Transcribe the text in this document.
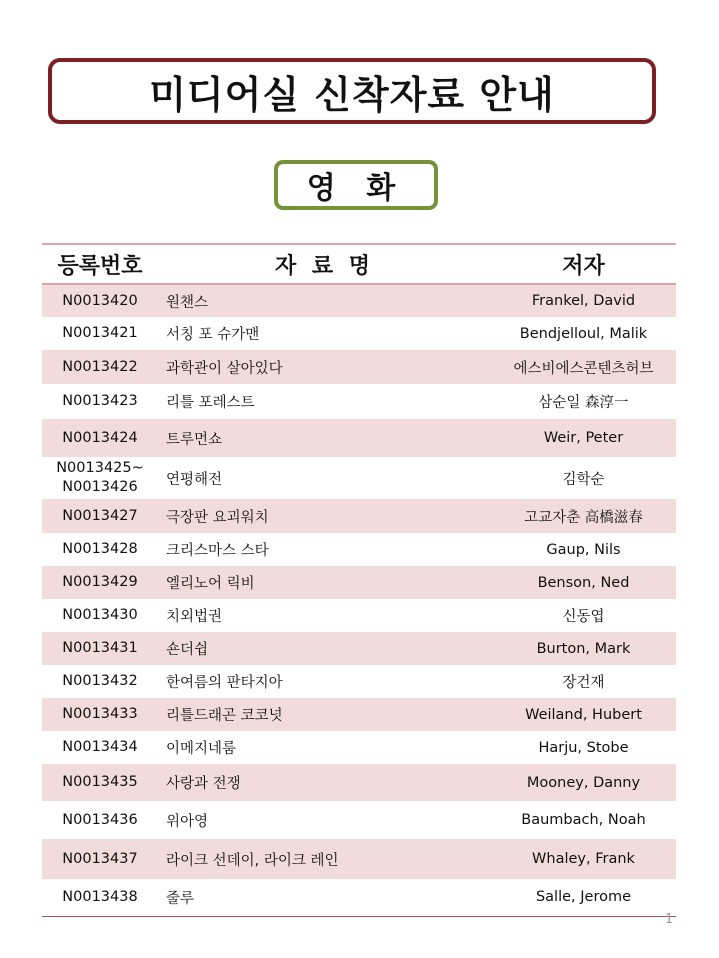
미디어실 신착자료 안내
영 화
등록번호	자 료 명	저자
N0013420	원챈스	Frankel, David
N0013421	서칭 포 슈가맨	Bendjelloul, Malik
N0013422	과학관이 살아있다	에스비에스콘텐츠허브
N0013423	리틀 포레스트	삼순일 森淳一
N0013424	트루먼쇼	Weir, Peter

N0013425~
N0013426	연평해전	김학순
N0013427	극장판 요괴워치	고교자춘 高橋滋春
N0013428	크리스마스 스타	Gaup, Nils
N0013429	엘리노어 릭비	Benson, Ned
N0013430	치외법권	신동엽
N0013431	숀더쉽	Burton, Mark
N0013432	한여름의 판타지아	장건재
N0013433	리틀드래곤 코코넛	Weiland, Hubert
N0013434	이메지네룸	Harju, Stobe
N0013435	사랑과 전쟁	Mooney, Danny
N0013436	위아영	Baumbach, Noah
N0013437	라이크 선데이, 라이크 레인	Whaley, Frank
N0013438	줄루	Salle, Jerome
1
